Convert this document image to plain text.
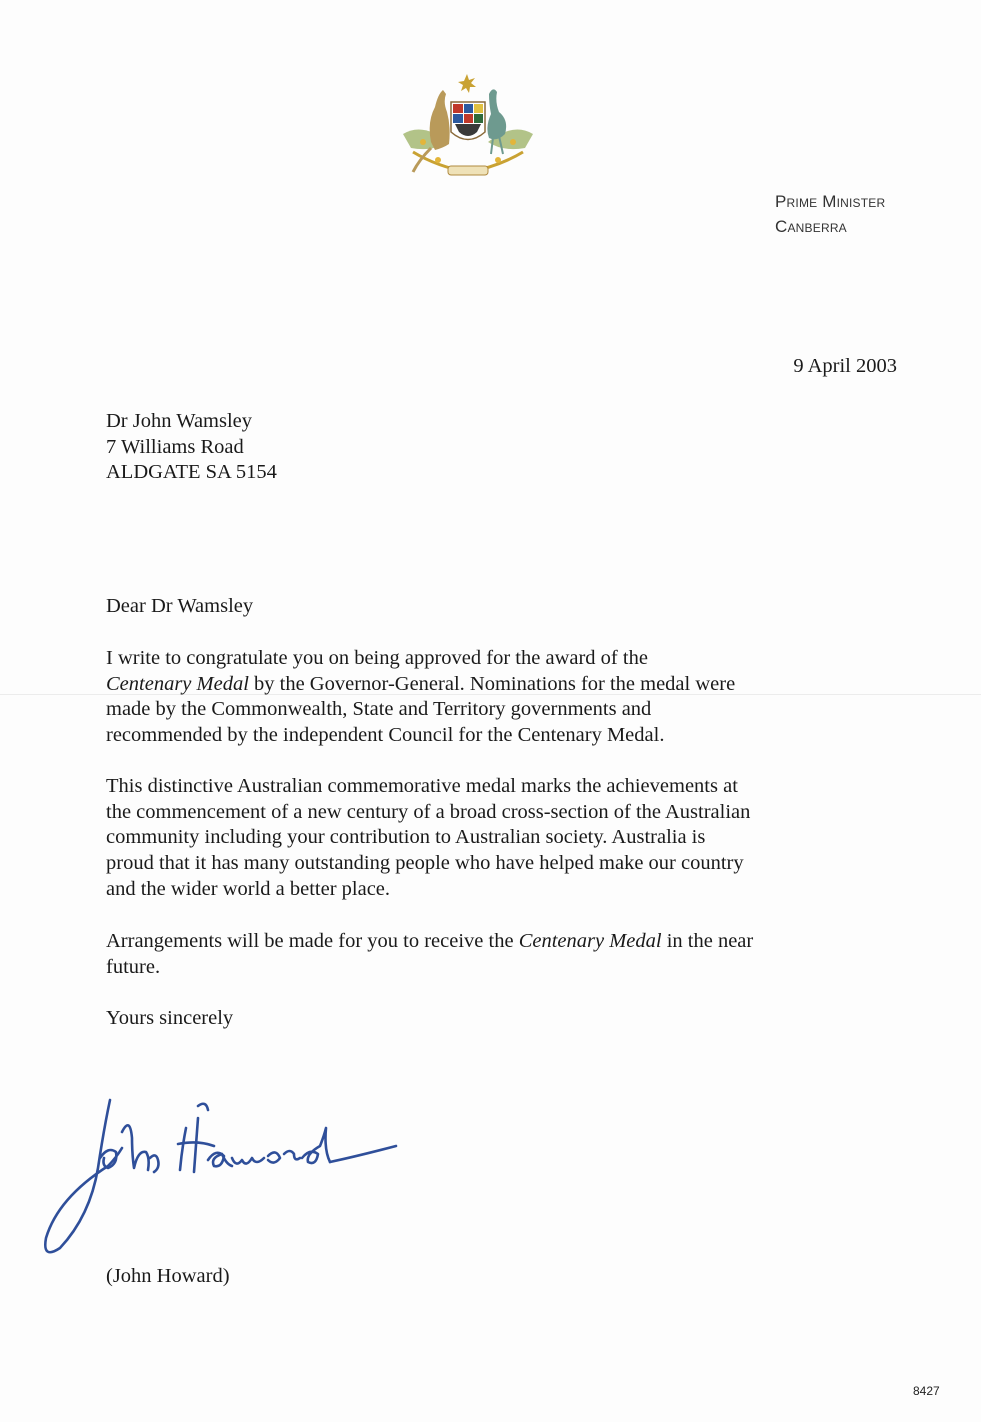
Prime Minister
Canberra
9 April 2003
Dr John Wamsley
7 Williams Road
ALDGATE SA 5154
Dear Dr Wamsley
I write to congratulate you on being approved for the award of the
Centenary Medal by the Governor-General. Nominations for the medal were
made by the Commonwealth, State and Territory governments and
recommended by the independent Council for the Centenary Medal.
This distinctive Australian commemorative medal marks the achievements at
the commencement of a new century of a broad cross-section of the Australian
community including your contribution to Australian society. Australia is
proud that it has many outstanding people who have helped make our country
and the wider world a better place.
Arrangements will be made for you to receive the Centenary Medal in the near
future.
Yours sincerely
(John Howard)
8427
